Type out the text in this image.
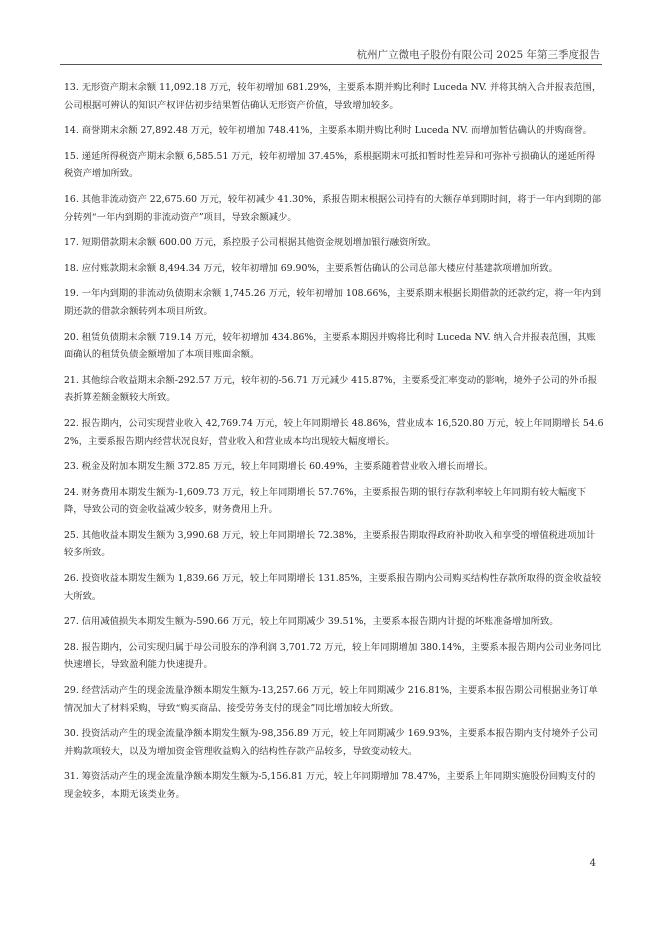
杭州广立微电子股份有限公司 2025 年第三季度报告

13. 无形资产期末余额 11,092.18 万元，较年初增加 681.29%，主要系本期并购比利时 Luceda NV. 并将其纳入合并报表范围，公司根据可辨认的知识产权评估初步结果暂估确认无形资产价值，导致增加较多。

14. 商誉期末余额 27,892.48 万元，较年初增加 748.41%，主要系本期并购比利时 Luceda NV. 而增加暂估确认的并购商誉。

15. 递延所得税资产期末余额 6,585.51 万元，较年初增加 37.45%，系根据期末可抵扣暂时性差异和可弥补亏损确认的递延所得税资产增加所致。

16. 其他非流动资产 22,675.60 万元，较年初减少 41.30%，系报告期末根据公司持有的大额存单到期时间，将于一年内到期的部分转列“一年内到期的非流动资产”项目，导致余额减少。

17. 短期借款期末余额 600.00 万元，系控股子公司根据其他资金规划增加银行融资所致。

18. 应付账款期末余额 8,494.34 万元，较年初增加 69.90%，主要系暂估确认的公司总部大楼应付基建款项增加所致。

19. 一年内到期的非流动负债期末余额 1,745.26 万元，较年初增加 108.66%，主要系期末根据长期借款的还款约定，将一年内到期还款的借款余额转列本项目所致。

20. 租赁负债期末余额 719.14 万元，较年初增加 434.86%，主要系本期因并购将比利时 Luceda NV. 纳入合并报表范围，其账面确认的租赁负债金额增加了本项目账面余额。

21. 其他综合收益期末余额-292.57 万元，较年初的-56.71 万元减少 415.87%，主要系受汇率变动的影响，境外子公司的外币报表折算差额金额较大所致。

22. 报告期内，公司实现营业收入 42,769.74 万元，较上年同期增长 48.86%，营业成本 16,520.80 万元，较上年同期增长 54.62%，主要系报告期内经营状况良好，营业收入和营业成本均出现较大幅度增长。

23. 税金及附加本期发生额 372.85 万元，较上年同期增长 60.49%，主要系随着营业收入增长而增长。

24. 财务费用本期发生额为-1,609.73 万元，较上年同期增长 57.76%，主要系报告期的银行存款利率较上年同期有较大幅度下降，导致公司的资金收益减少较多，财务费用上升。

25. 其他收益本期发生额为 3,990.68 万元，较上年同期增长 72.38%，主要系报告期取得政府补助收入和享受的增值税进项加计较多所致。

26. 投资收益本期发生额为 1,839.66 万元，较上年同期增长 131.85%，主要系报告期内公司购买结构性存款所取得的资金收益较大所致。

27. 信用减值损失本期发生额为-590.66 万元，较上年同期减少 39.51%，主要系本报告期内计提的坏账准备增加所致。

28. 报告期内，公司实现归属于母公司股东的净利润 3,701.72 万元，较上年同期增加 380.14%，主要系本报告期内公司业务同比快速增长，导致盈利能力快速提升。

29. 经营活动产生的现金流量净额本期发生额为-13,257.66 万元，较上年同期减少 216.81%，主要系本报告期公司根据业务订单情况加大了材料采购，导致“购买商品、接受劳务支付的现金”同比增加较大所致。

30. 投资活动产生的现金流量净额本期发生额为-98,356.89 万元，较上年同期减少 169.93%，主要系本报告期内支付境外子公司并购款项较大，以及为增加资金管理收益购入的结构性存款产品较多，导致变动较大。

31. 筹资活动产生的现金流量净额本期发生额为-5,156.81 万元，较上年同期增加 78.47%，主要系上年同期实施股份回购支付的现金较多，本期无该类业务。

4
